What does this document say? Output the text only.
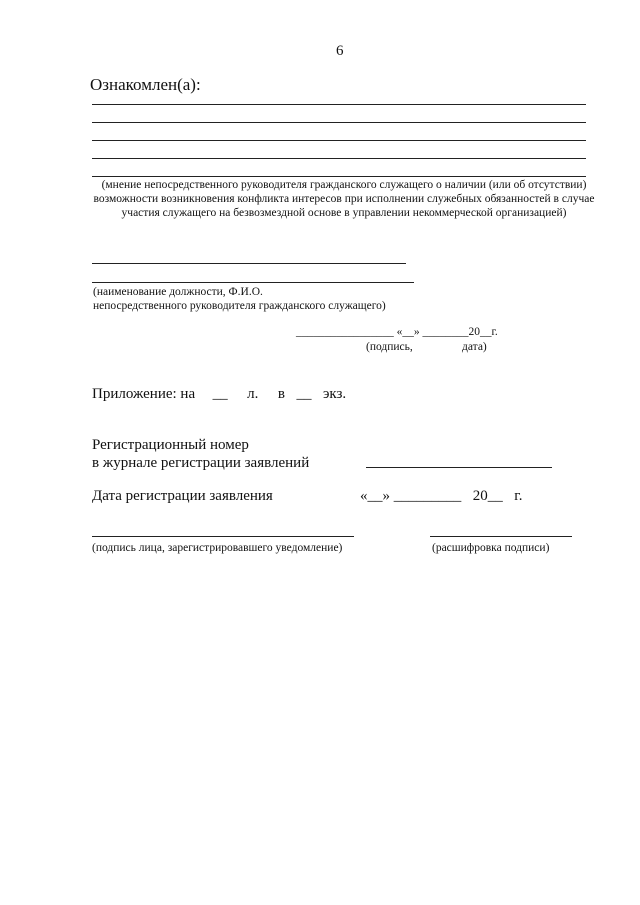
6
Ознакомлен(а):
(мнение непосредственного руководителя гражданского служащего о наличии (или об отсутствии) возможности возникновения конфликта интересов при исполнении служебных обязанностей в случае участия служащего на безвозмездной основе в управлении некоммерческой организацией)
(наименование должности, Ф.И.О.
непосредственного руководителя гражданского служащего)
_________________ «__» ________20__г.
(подпись,	дата)
Приложение: на __ л. в __ экз.
Регистрационный номер
в журнале регистрации заявлений
Дата регистрации заявления	«__» _________ 20__ г.
(подпись лица, зарегистрировавшего уведомление)	(расшифровка подписи)
